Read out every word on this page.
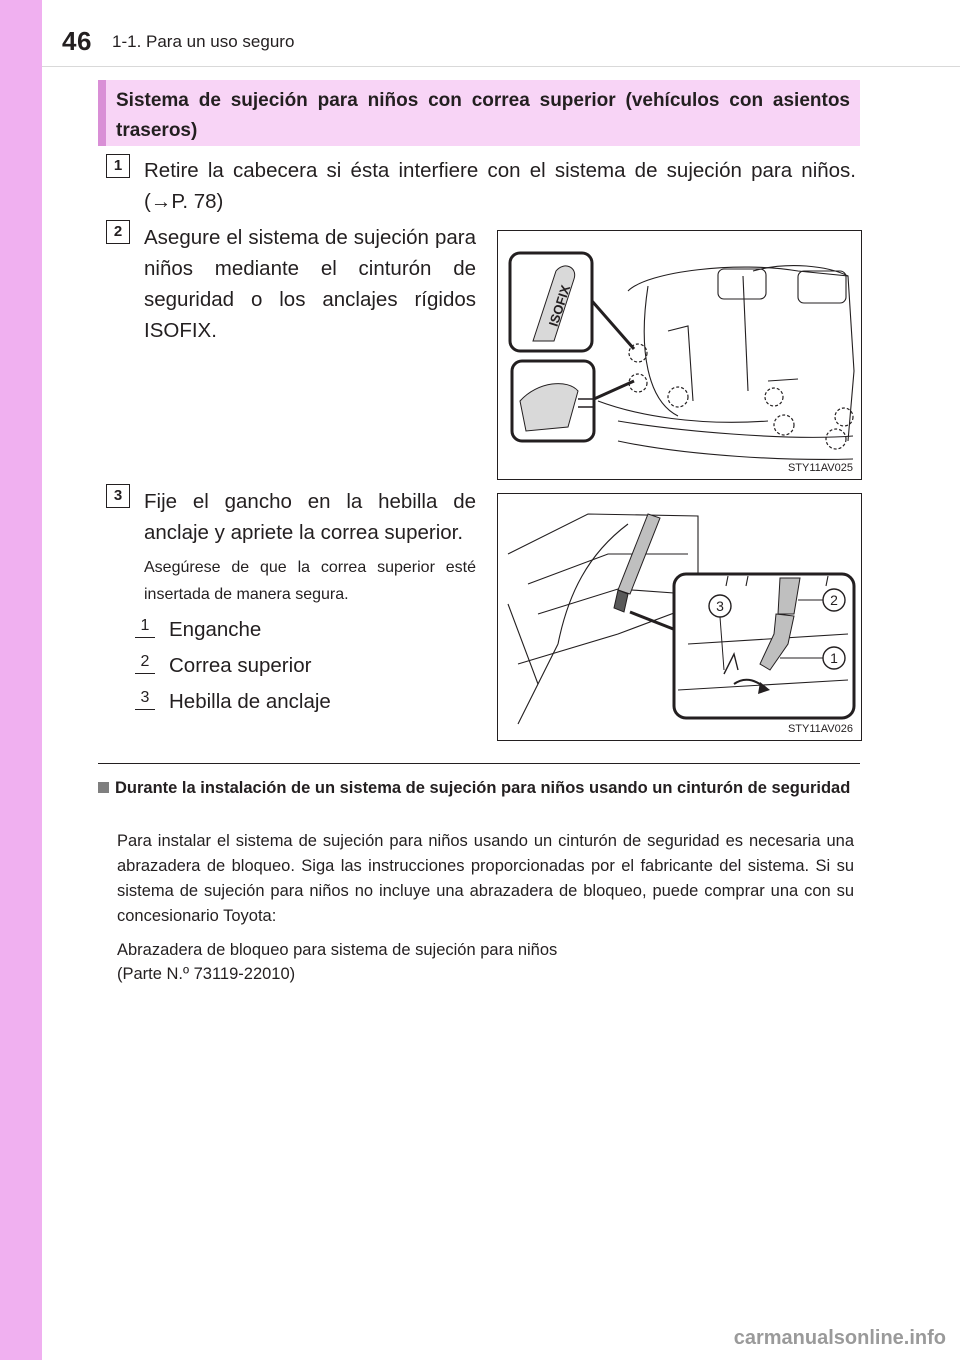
46 1-1. Para un uso seguro

Sistema de sujeción para niños con correa superior (vehículos con asientos traseros)

1	Retire la cabecera si ésta interfiere con el sistema de sujeción para niños. (→P. 78)

2	Asegure el sistema de sujeción para niños mediante el cinturón de seguridad o los anclajes rígidos ISOFIX.

ISOFIX
STY11AV025
3	Fije el gancho en la hebilla de anclaje y apriete la correa superior.

Asegúrese de que la correa superior esté insertada de manera segura.

1 Enganche
2 Correa superior
3 Hebilla de anclaje
3	2
1
STY11AV026

Durante la instalación de un sistema de sujeción para niños usando un cinturón de seguridad

Para instalar el sistema de sujeción para niños usando un cinturón de seguridad es necesaria una abrazadera de bloqueo. Siga las instrucciones proporcionadas por el fabricante del sistema. Si su sistema de sujeción para niños no incluye una abrazadera de bloqueo, puede comprar una con su concesionario Toyota:

Abrazadera de bloqueo para sistema de sujeción para niños

(Parte N.º 73119-22010)

carmanualsonline.info
